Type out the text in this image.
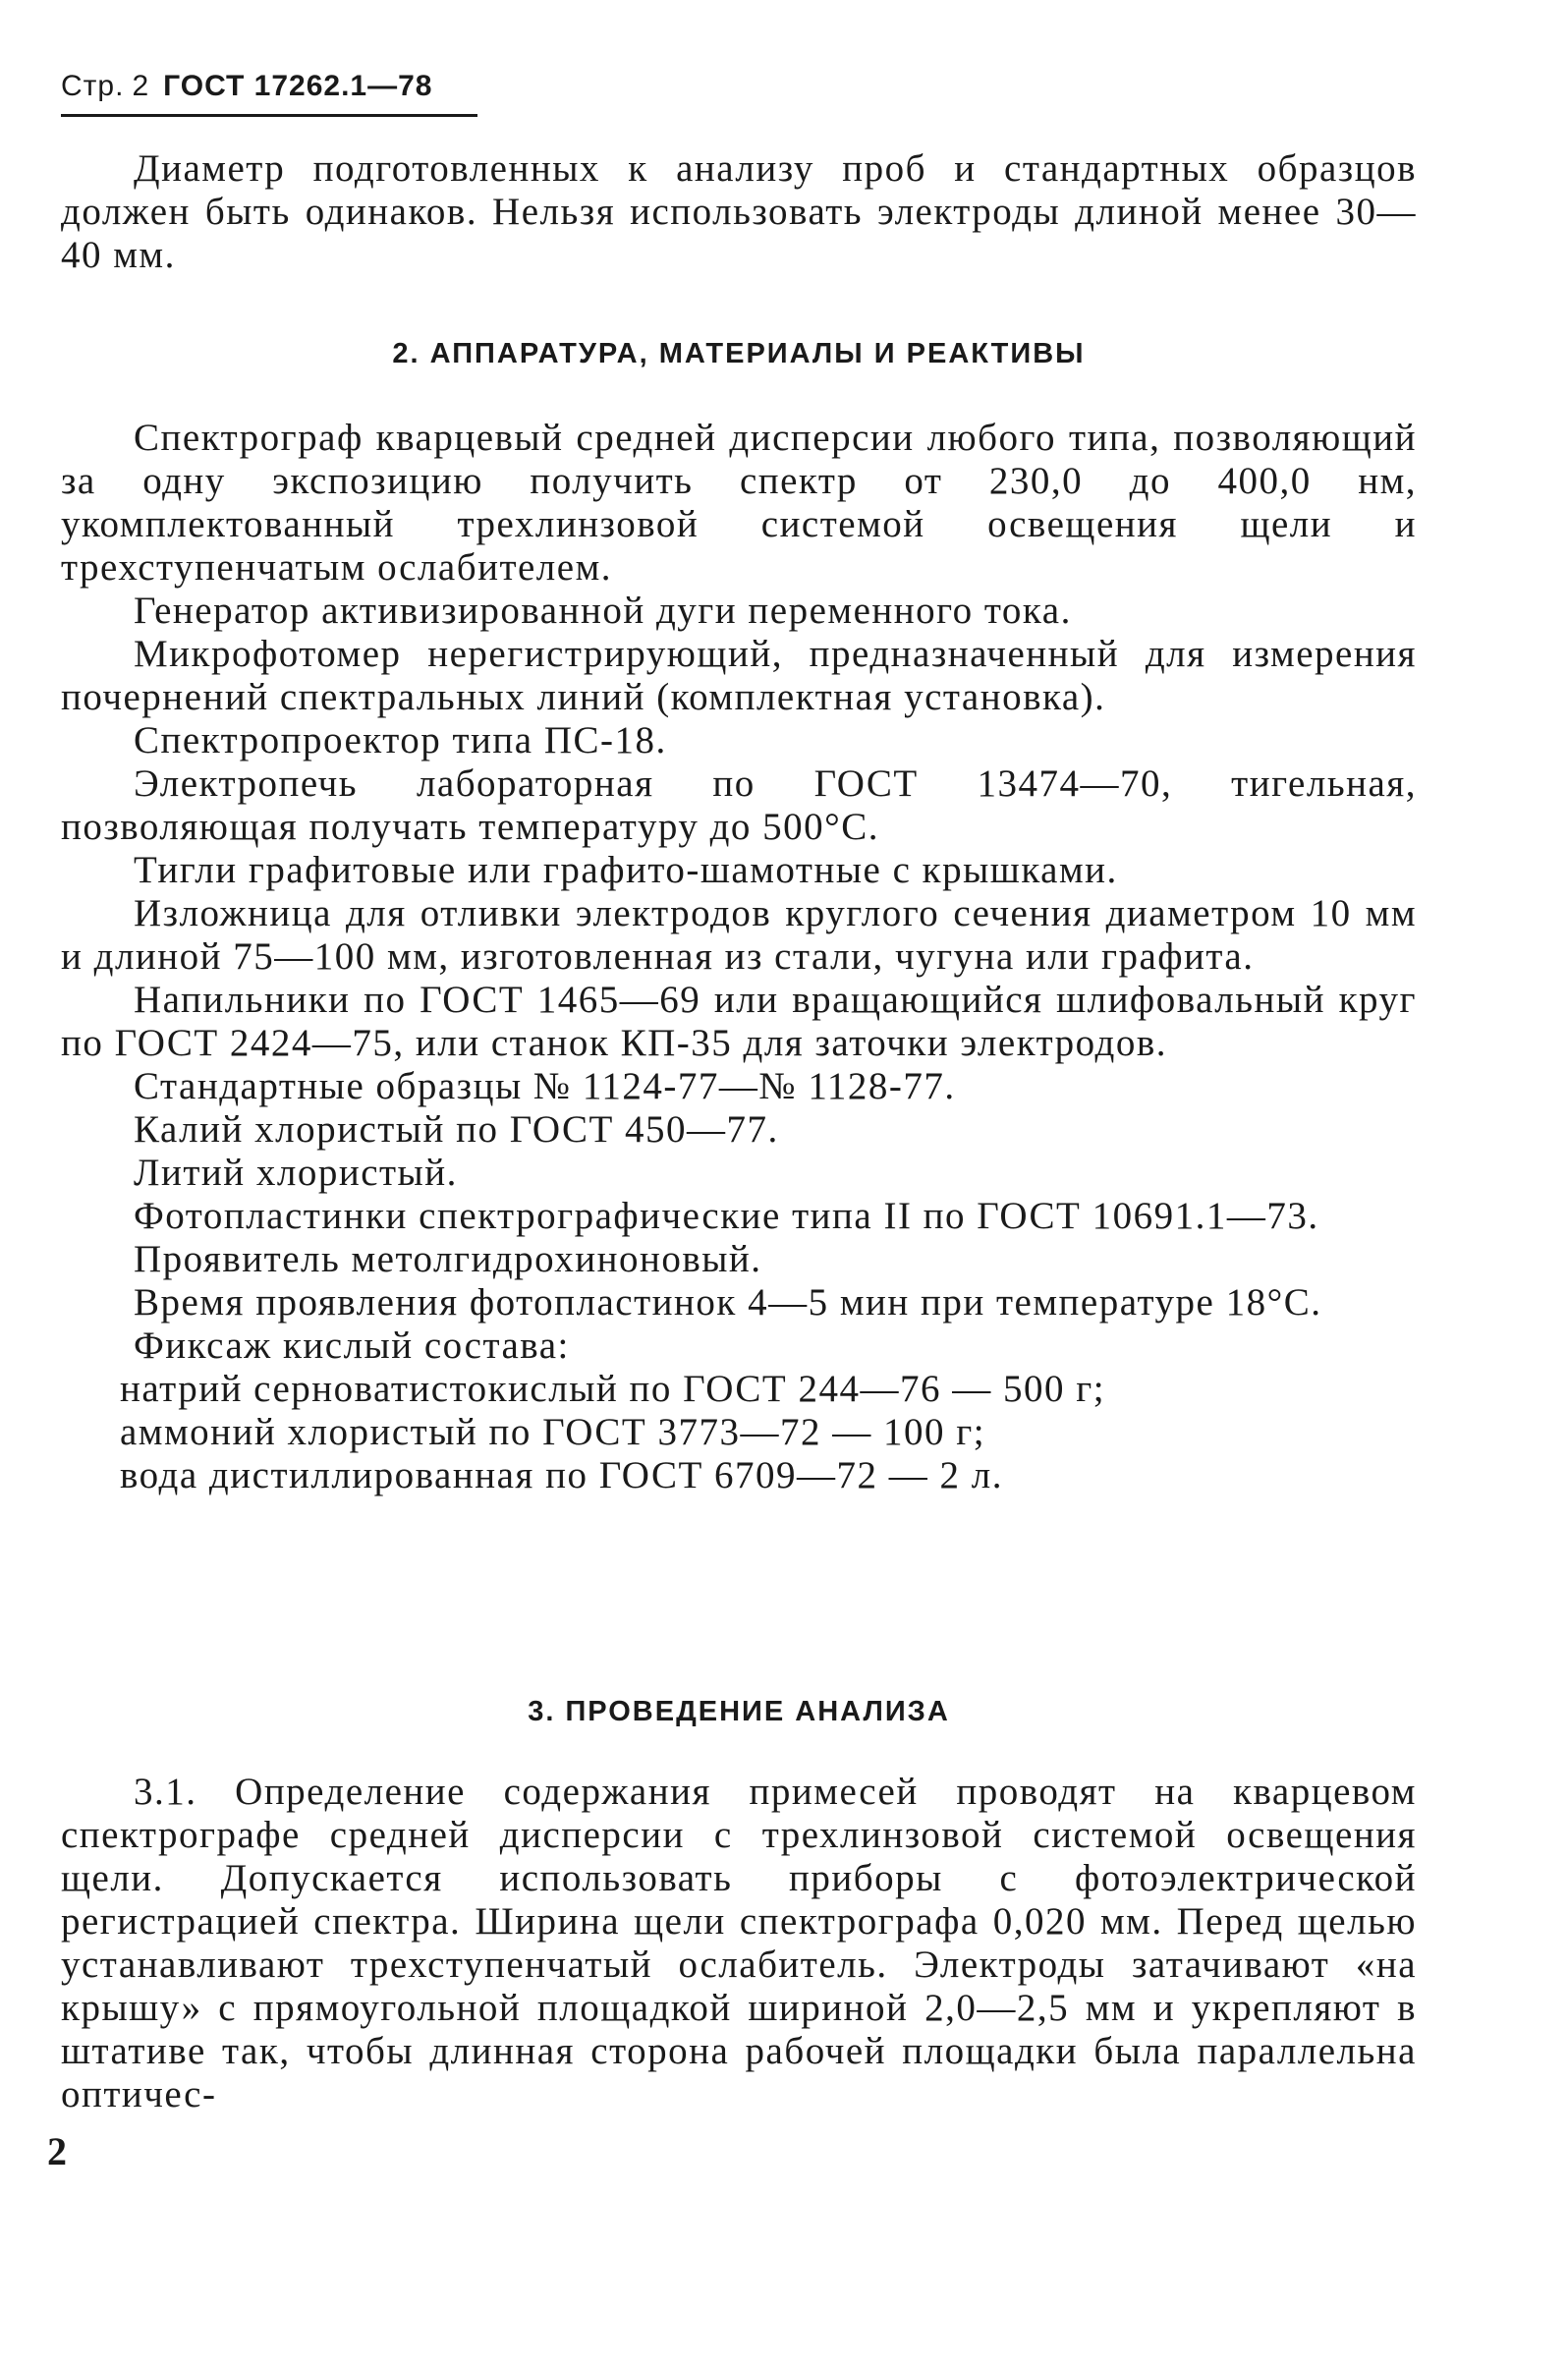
Стр. 2 ГОСТ 17262.1—78

Диаметр подготовленных к анализу проб и стандартных образцов должен быть одинаков. Нельзя использовать электроды длиной менее 30—40 мм.

2. АППАРАТУРА, МАТЕРИАЛЫ И РЕАКТИВЫ

Спектрограф кварцевый средней дисперсии любого типа, позволяющий за одну экспозицию получить спектр от 230,0 до 400,0 нм, укомплектованный трехлинзовой системой освещения щели и трехступенчатым ослабителем.

Генератор активизированной дуги переменного тока.

Микрофотомер нерегистрирующий, предназначенный для измерения почернений спектральных линий (комплектная установка).

Спектропроектор типа ПС-18.

Электропечь лабораторная по ГОСТ 13474—70, тигельная, позволяющая получать температуру до 500°С.

Тигли графитовые или графито-шамотные с крышками.

Изложница для отливки электродов круглого сечения диаметром 10 мм и длиной 75—100 мм, изготовленная из стали, чугуна или графита.

Напильники по ГОСТ 1465—69 или вращающийся шлифовальный круг по ГОСТ 2424—75, или станок КП-35 для заточки электродов.

Стандартные образцы № 1124-77—№ 1128-77.

Калий хлористый по ГОСТ 450—77.

Литий хлористый.

Фотопластинки спектрографические типа II по ГОСТ 10691.1—73.

Проявитель метолгидрохиноновый.

Время проявления фотопластинок 4—5 мин при температуре 18°С.

Фиксаж кислый состава:

натрий серноватистокислый по ГОСТ 244—76 — 500 г;

аммоний хлористый по ГОСТ 3773—72 — 100 г;

вода дистиллированная по ГОСТ 6709—72 — 2 л.

3. ПРОВЕДЕНИЕ АНАЛИЗА

3.1. Определение содержания примесей проводят на кварцевом спектрографе средней дисперсии с трехлинзовой системой освещения щели. Допускается использовать приборы с фотоэлектрической регистрацией спектра. Ширина щели спектрографа 0,020 мм. Перед щелью устанавливают трехступенчатый ослабитель. Электроды затачивают «на крышу» с прямоугольной площадкой шириной 2,0—2,5 мм и укрепляют в штативе так, чтобы длинная сторона рабочей площадки была параллельна оптичес-

2
